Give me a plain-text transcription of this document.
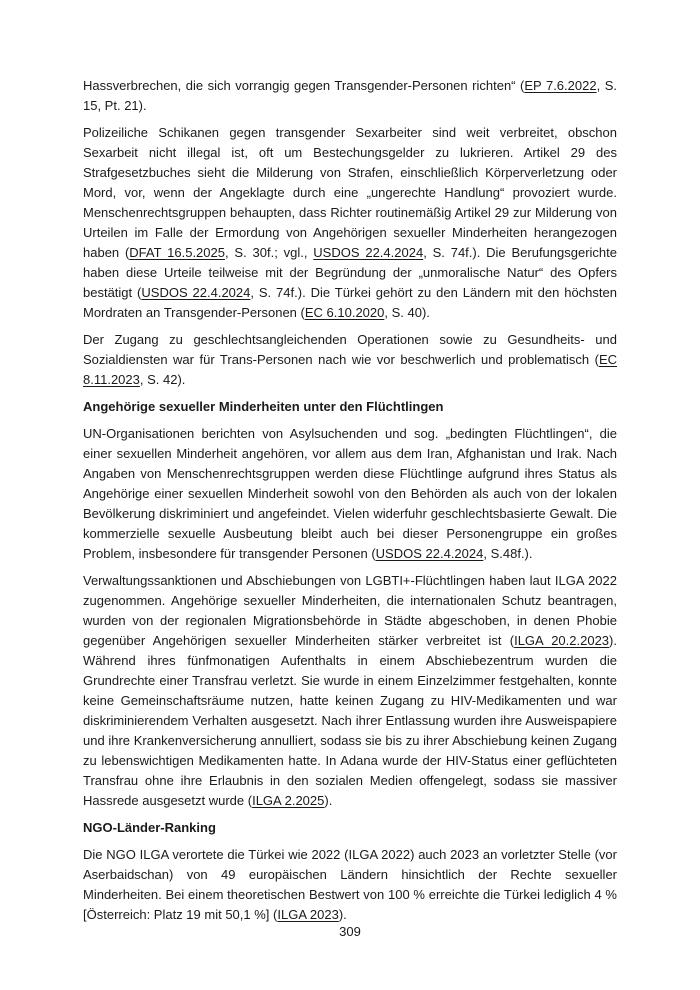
Hassverbrechen, die sich vorrangig gegen Transgender-Personen richten“ (EP 7.6.2022, S. 15, Pt. 21).

Polizeiliche Schikanen gegen transgender Sexarbeiter sind weit verbreitet, obschon Sexarbeit nicht illegal ist, oft um Bestechungsgelder zu lukrieren. Artikel 29 des Strafgesetzbuches sieht die Milderung von Strafen, einschließlich Körperverletzung oder Mord, vor, wenn der Angeklagte durch eine „ungerechte Handlung“ provoziert wurde. Menschenrechtsgruppen behaupten, dass Richter routinemäßig Artikel 29 zur Milderung von Urteilen im Falle der Ermordung von Angehörigen sexueller Minderheiten herangezogen haben (DFAT 16.5.2025, S. 30f.; vgl., USDOS 22.4.2024, S. 74f.). Die Berufungsgerichte haben diese Urteile teilweise mit der Begründung der „unmoralische Natur“ des Opfers bestätigt (USDOS 22.4.2024, S. 74f.). Die Türkei gehört zu den Ländern mit den höchsten Mordraten an Transgender-Personen (EC 6.10.2020, S. 40).

Der Zugang zu geschlechtsangleichenden Operationen sowie zu Gesundheits- und Sozialdiensten war für Trans-Personen nach wie vor beschwerlich und problematisch (EC 8.11.2023, S. 42).

Angehörige sexueller Minderheiten unter den Flüchtlingen

UN-Organisationen berichten von Asylsuchenden und sog. „bedingten Flüchtlingen“, die einer sexuellen Minderheit angehören, vor allem aus dem Iran, Afghanistan und Irak. Nach Angaben von Menschenrechtsgruppen werden diese Flüchtlinge aufgrund ihres Status als Angehörige einer sexuellen Minderheit sowohl von den Behörden als auch von der lokalen Bevölkerung diskriminiert und angefeindet. Vielen widerfuhr geschlechtsbasierte Gewalt. Die kommerzielle sexuelle Ausbeutung bleibt auch bei dieser Personengruppe ein großes Problem, insbesondere für transgender Personen (USDOS 22.4.2024, S.48f.).

Verwaltungssanktionen und Abschiebungen von LGBTI+-Flüchtlingen haben laut ILGA 2022 zugenommen. Angehörige sexueller Minderheiten, die internationalen Schutz beantragen, wurden von der regionalen Migrationsbehörde in Städte abgeschoben, in denen Phobie gegenüber Angehörigen sexueller Minderheiten stärker verbreitet ist (ILGA 20.2.2023). Während ihres fünfmonatigen Aufenthalts in einem Abschiebezentrum wurden die Grundrechte einer Transfrau verletzt. Sie wurde in einem Einzelzimmer festgehalten, konnte keine Gemeinschaftsräume nutzen, hatte keinen Zugang zu HIV-Medikamenten und war diskriminierendem Verhalten ausgesetzt. Nach ihrer Entlassung wurden ihre Ausweispapiere und ihre Krankenversicherung annulliert, sodass sie bis zu ihrer Abschiebung keinen Zugang zu lebenswichtigen Medikamenten hatte. In Adana wurde der HIV-Status einer geflüchteten Transfrau ohne ihre Erlaubnis in den sozialen Medien offengelegt, sodass sie massiver Hassrede ausgesetzt wurde (ILGA 2.2025).

NGO-Länder-Ranking

Die NGO ILGA verortete die Türkei wie 2022 (ILGA 2022) auch 2023 an vorletzter Stelle (vor Aserbaidschan) von 49 europäischen Ländern hinsichtlich der Rechte sexueller Minderheiten. Bei einem theoretischen Bestwert von 100 % erreichte die Türkei lediglich 4 % [Österreich: Platz 19 mit 50,1 %] (ILGA 2023).

309
